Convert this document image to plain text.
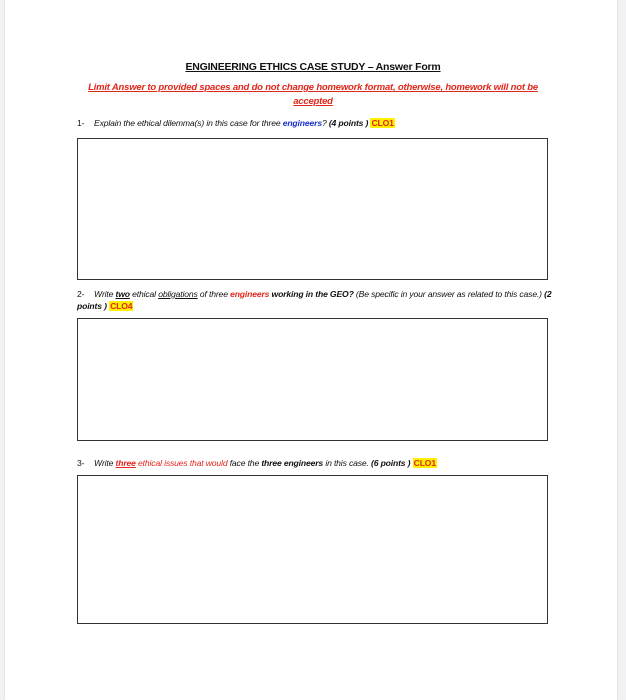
ENGINEERING ETHICS CASE STUDY – Answer Form
Limit Answer to provided spaces and do not change homework format, otherwise, homework will not be accepted
1- Explain the ethical dilemma(s) in this case for three engineers? (4 points ) CLO1
2- Write two ethical obligations of three engineers working in the GEO? (Be specific in your answer as related to this case.) (2 points ) CLO4
3- Write three ethical issues that would face the three engineers in this case. (6 points ) CLO1
